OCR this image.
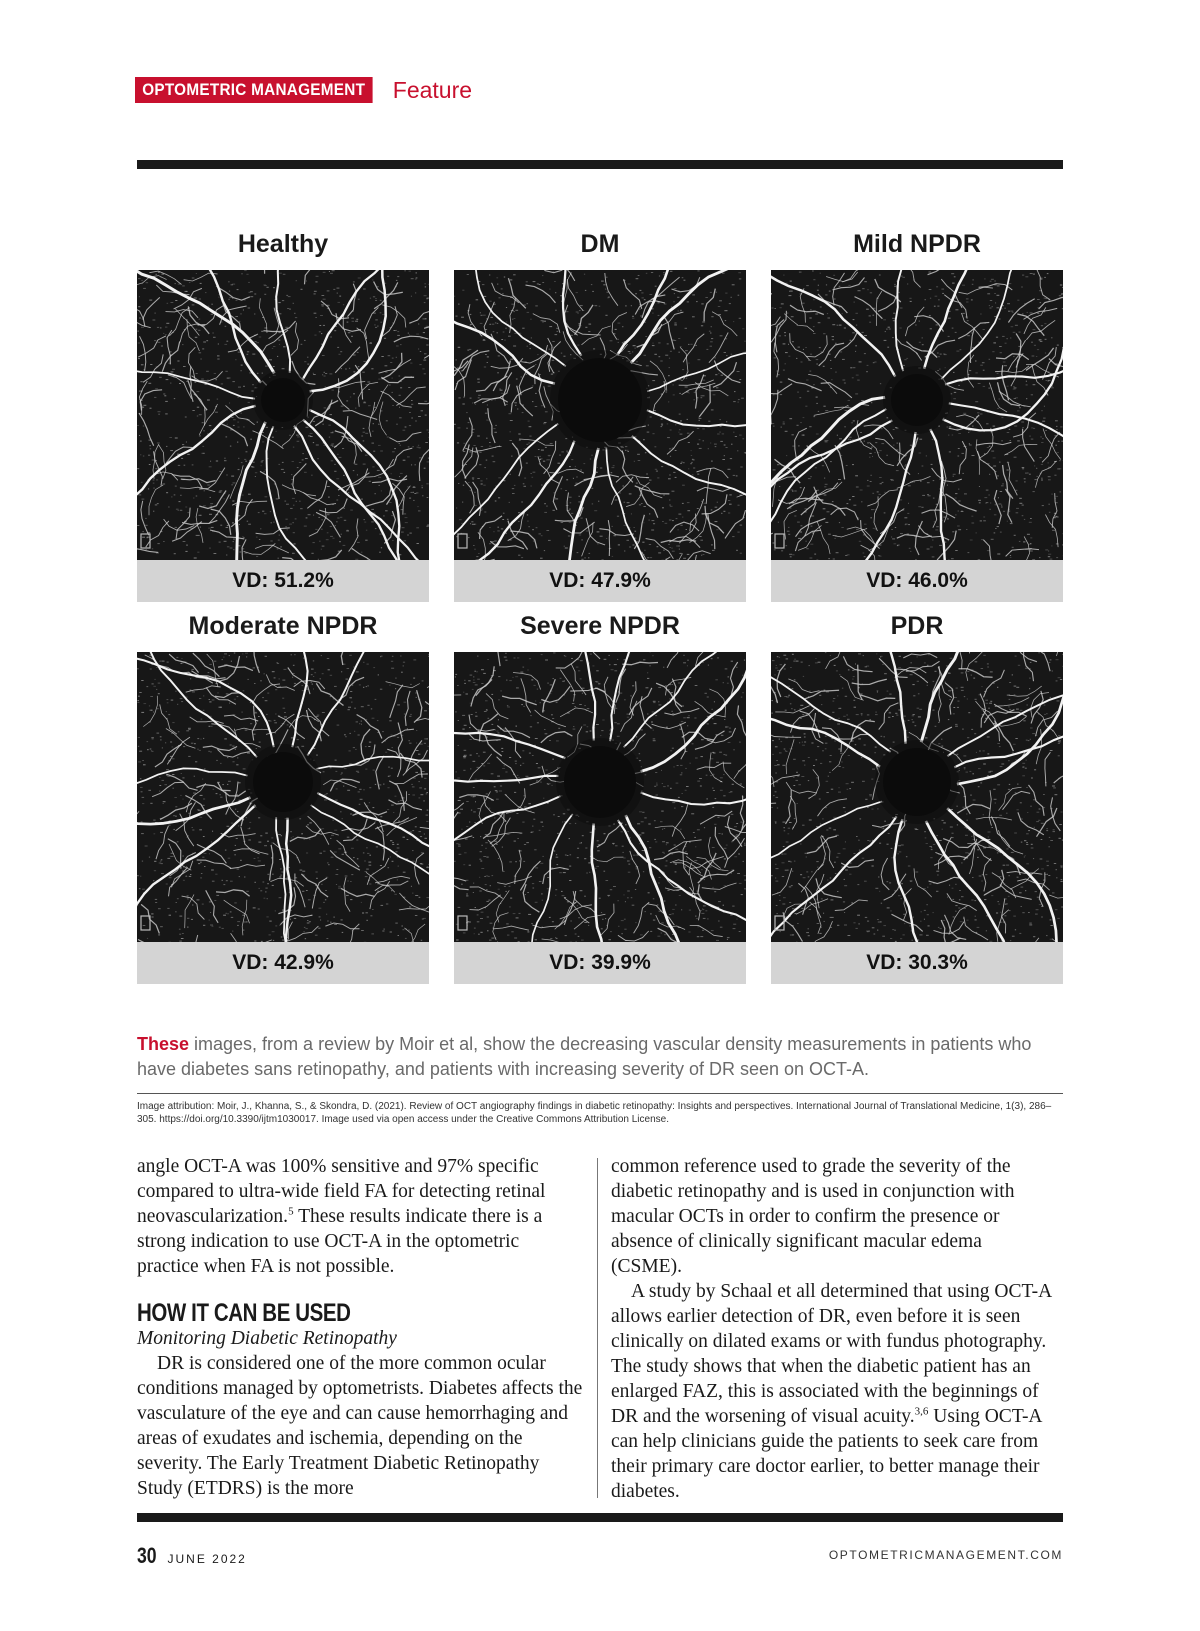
OPTOMETRIC MANAGEMENT	Feature
Healthy
VD: 51.2%
DM
VD: 47.9%
Mild NPDR
VD: 46.0%
Moderate NPDR
VD: 42.9%
Severe NPDR
VD: 39.9%
PDR
VD: 30.3%
These images, from a review by Moir et al, show the decreasing vascular density measurements in patients who have diabetes sans retinopathy, and patients with increasing severity of DR seen on OCT-A.
Image attribution: Moir, J., Khanna, S., & Skondra, D. (2021). Review of OCT angiography findings in diabetic retinopathy: Insights and perspectives. International Journal of Translational Medicine, 1(3), 286–305. https://doi.org/10.3390/ijtm1030017. Image used via open access under the Creative Commons Attribution License.

angle OCT-A was 100% sensitive and 97% specific compared to ultra-wide field FA for detecting retinal neovascularization.$^5$ These results indicate there is a strong indication to use OCT-A in the optometric practice when FA is not possible.

HOW IT CAN BE USED

Monitoring Diabetic Retinopathy

DR is considered one of the more common ocular conditions managed by optometrists. Diabetes affects the vasculature of the eye and can cause hemorrhaging and areas of exudates and ischemia, depending on the severity. The Early Treatment Diabetic Retinopathy Study (ETDRS) is the more

common reference used to grade the severity of the diabetic retinopathy and is used in conjunction with macular OCTs in order to confirm the presence or absence of clinically significant macular edema (CSME).

A study by Schaal et all determined that using OCT-A allows earlier detection of DR, even before it is seen clinically on dilated exams or with fundus photography. The study shows that when the diabetic patient has an enlarged FAZ, this is associated with the beginnings of DR and the worsening of visual acuity.$^{3,6}$ Using OCT-A can help clinicians guide the patients to seek care from their primary care doctor earlier, to better manage their diabetes.

30 JUNE 2022	OPTOMETRICMANAGEMENT.COM
